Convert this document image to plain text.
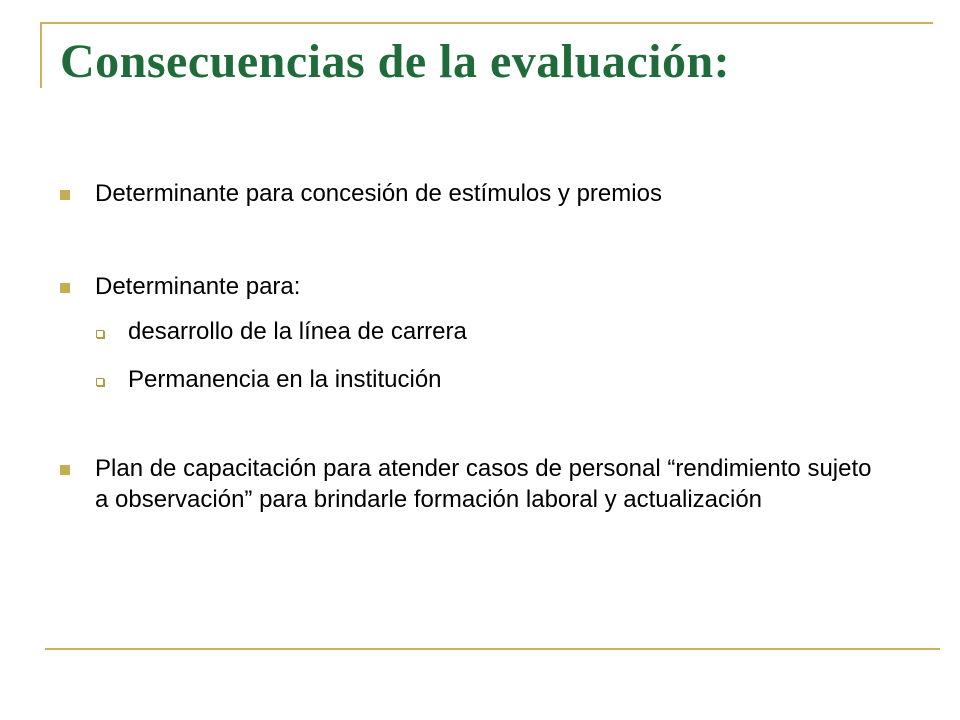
Consecuencias de la evaluación:
Determinante para concesión de estímulos y premios
Determinante para:
desarrollo de la línea de carrera
Permanencia en la institución
Plan de capacitación para atender casos de personal “rendimiento sujeto a observación” para brindarle formación laboral y actualización
